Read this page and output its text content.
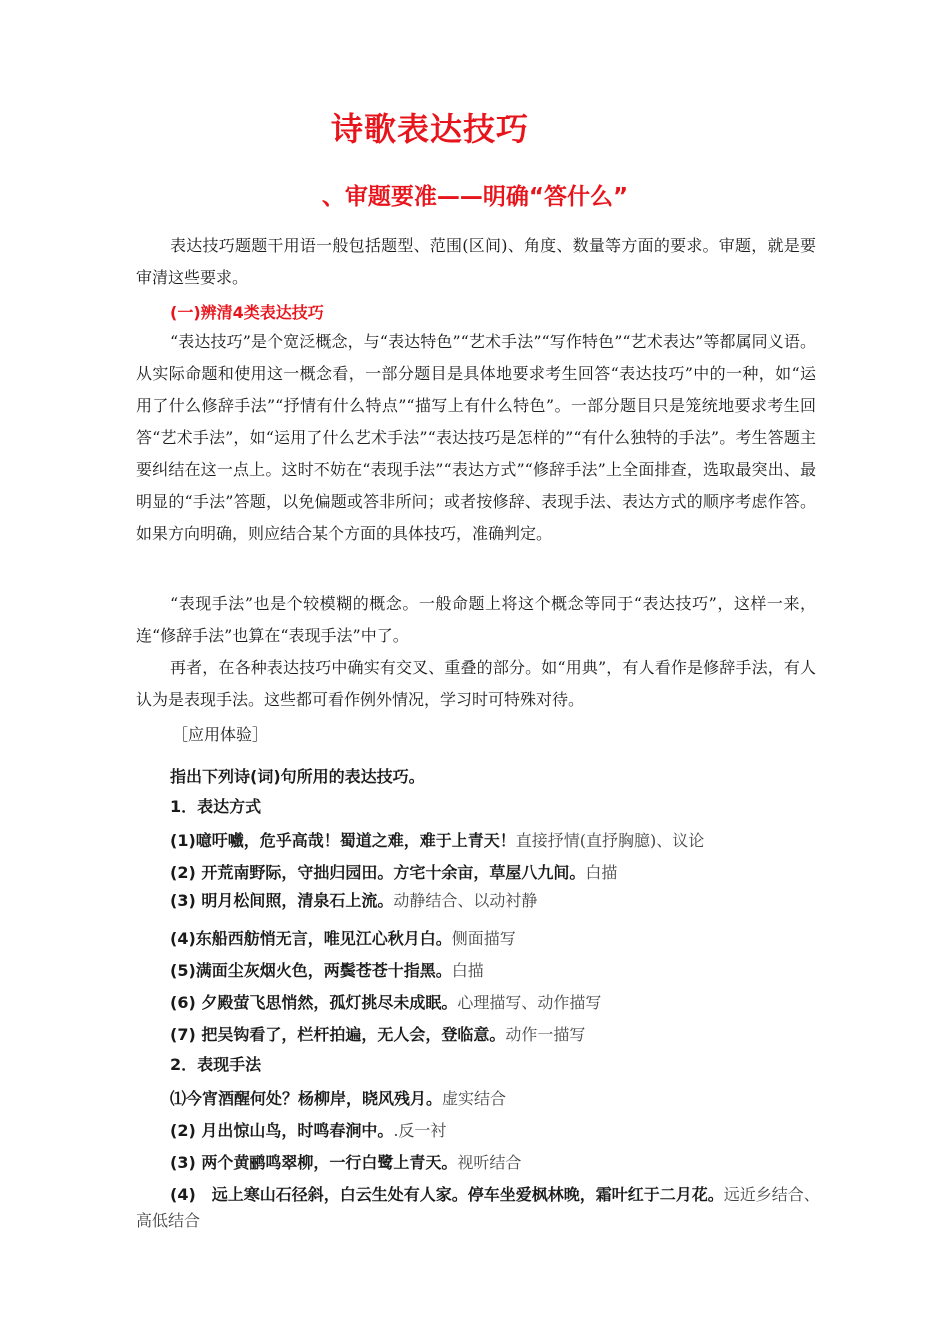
诗歌表达技巧
、审题要准——明确“答什么”

表达技巧题题干用语一般包括题型、范围(区间)、角度、数量等方面的要求。审题，就是要审清这些要求。

(一)辨清4类表达技巧

“表达技巧”是个宽泛概念，与“表达特色”“艺术手法”“写作特色”“艺术表达”等都属同义语。从实际命题和使用这一概念看，一部分题目是具体地要求考生回答“表达技巧”中的一种，如“运用了什么修辞手法”“抒情有什么特点”“描写上有什么特色”。一部分题目只是笼统地要求考生回答“艺术手法”，如“运用了什么艺术手法”“表达技巧是怎样的”“有什么独特的手法”。考生答题主要纠结在这一点上。这时不妨在“表现手法”“表达方式”“修辞手法”上全面排查，选取最突出、最明显的“手法”答题，以免偏题或答非所问；或者按修辞、表现手法、表达方式的顺序考虑作答。如果方向明确，则应结合某个方面的具体技巧，准确判定。

“表现手法”也是个较模糊的概念。一般命题上将这个概念等同于“表达技巧”，这样一来，连“修辞手法”也算在“表现手法”中了。

再者，在各种表达技巧中确实有交叉、重叠的部分。如“用典”，有人看作是修辞手法，有人认为是表现手法。这些都可看作例外情况，学习时可特殊对待。

［应用体验］
指出下列诗(词)句所用的表达技巧。
1．表达方式
(1)噫吁嚱，危乎高哉！蜀道之难，难于上青天！直接抒情(直抒胸臆)、议论
(2) 开荒南野际，守拙归园田。方宅十余亩，草屋八九间。白描
(3) 明月松间照，清泉石上流。动静结合、以动衬静
(4)东船西舫悄无言，唯见江心秋月白。侧面描写
(5)满面尘灰烟火色，两鬓苍苍十指黑。白描
(6) 夕殿萤飞思悄然，孤灯挑尽未成眠。心理描写、动作描写
(7) 把吴钩看了，栏杆拍遍，无人会，登临意。动作一描写
2．表现手法
⑴今宵酒醒何处？杨柳岸，晓风残月。虚实结合
(2) 月出惊山鸟，时鸣春涧中。.反一衬
(3) 两个黄鹂鸣翠柳，一行白鹭上青天。视听结合

(4)　远上寒山石径斜，白云生处有人家。停车坐爱枫林晚，霜叶红于二月花。远近乡结合、高低结合
